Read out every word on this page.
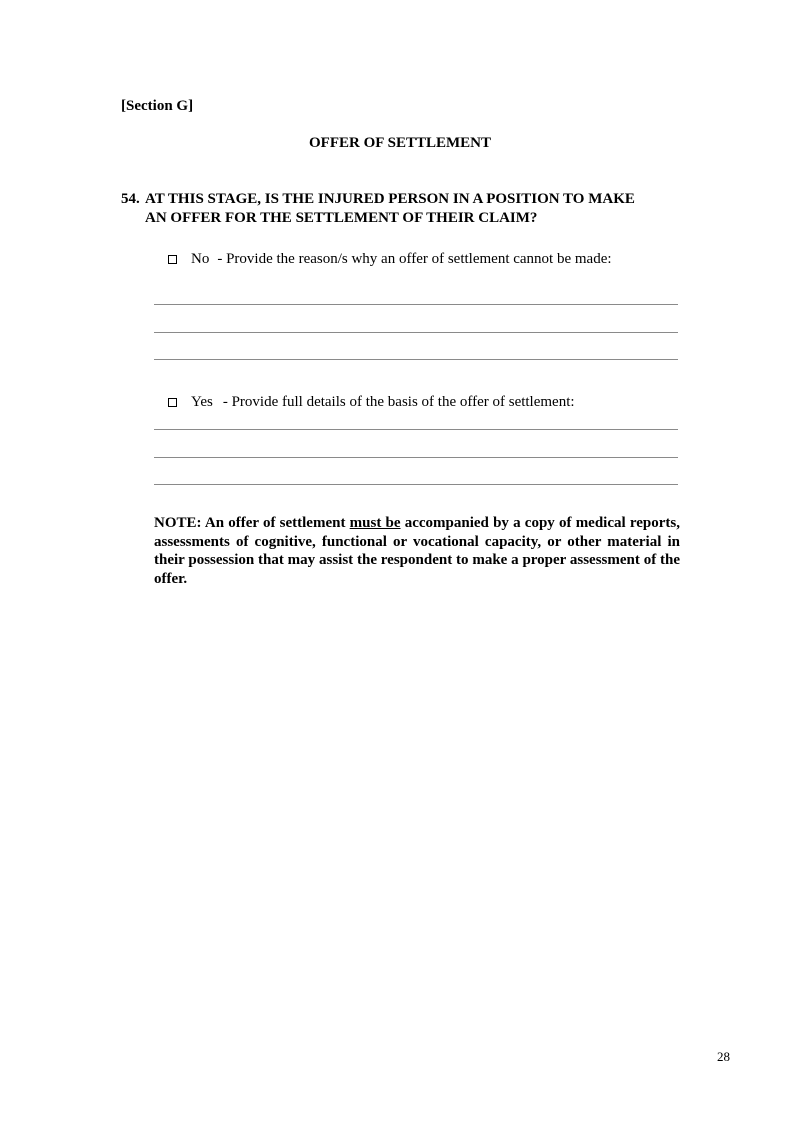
[Section G]
OFFER OF SETTLEMENT
54. AT THIS STAGE, IS THE INJURED PERSON IN A POSITION TO MAKE
AN OFFER FOR THE SETTLEMENT OF THEIR CLAIM?
No - Provide the reason/s why an offer of settlement cannot be made:
Yes - Provide full details of the basis of the offer of settlement:
NOTE: An offer of settlement must be accompanied by a copy of medical reports, assessments of cognitive, functional or vocational capacity, or other material in their possession that may assist the respondent to make a proper assessment of the offer.
28
